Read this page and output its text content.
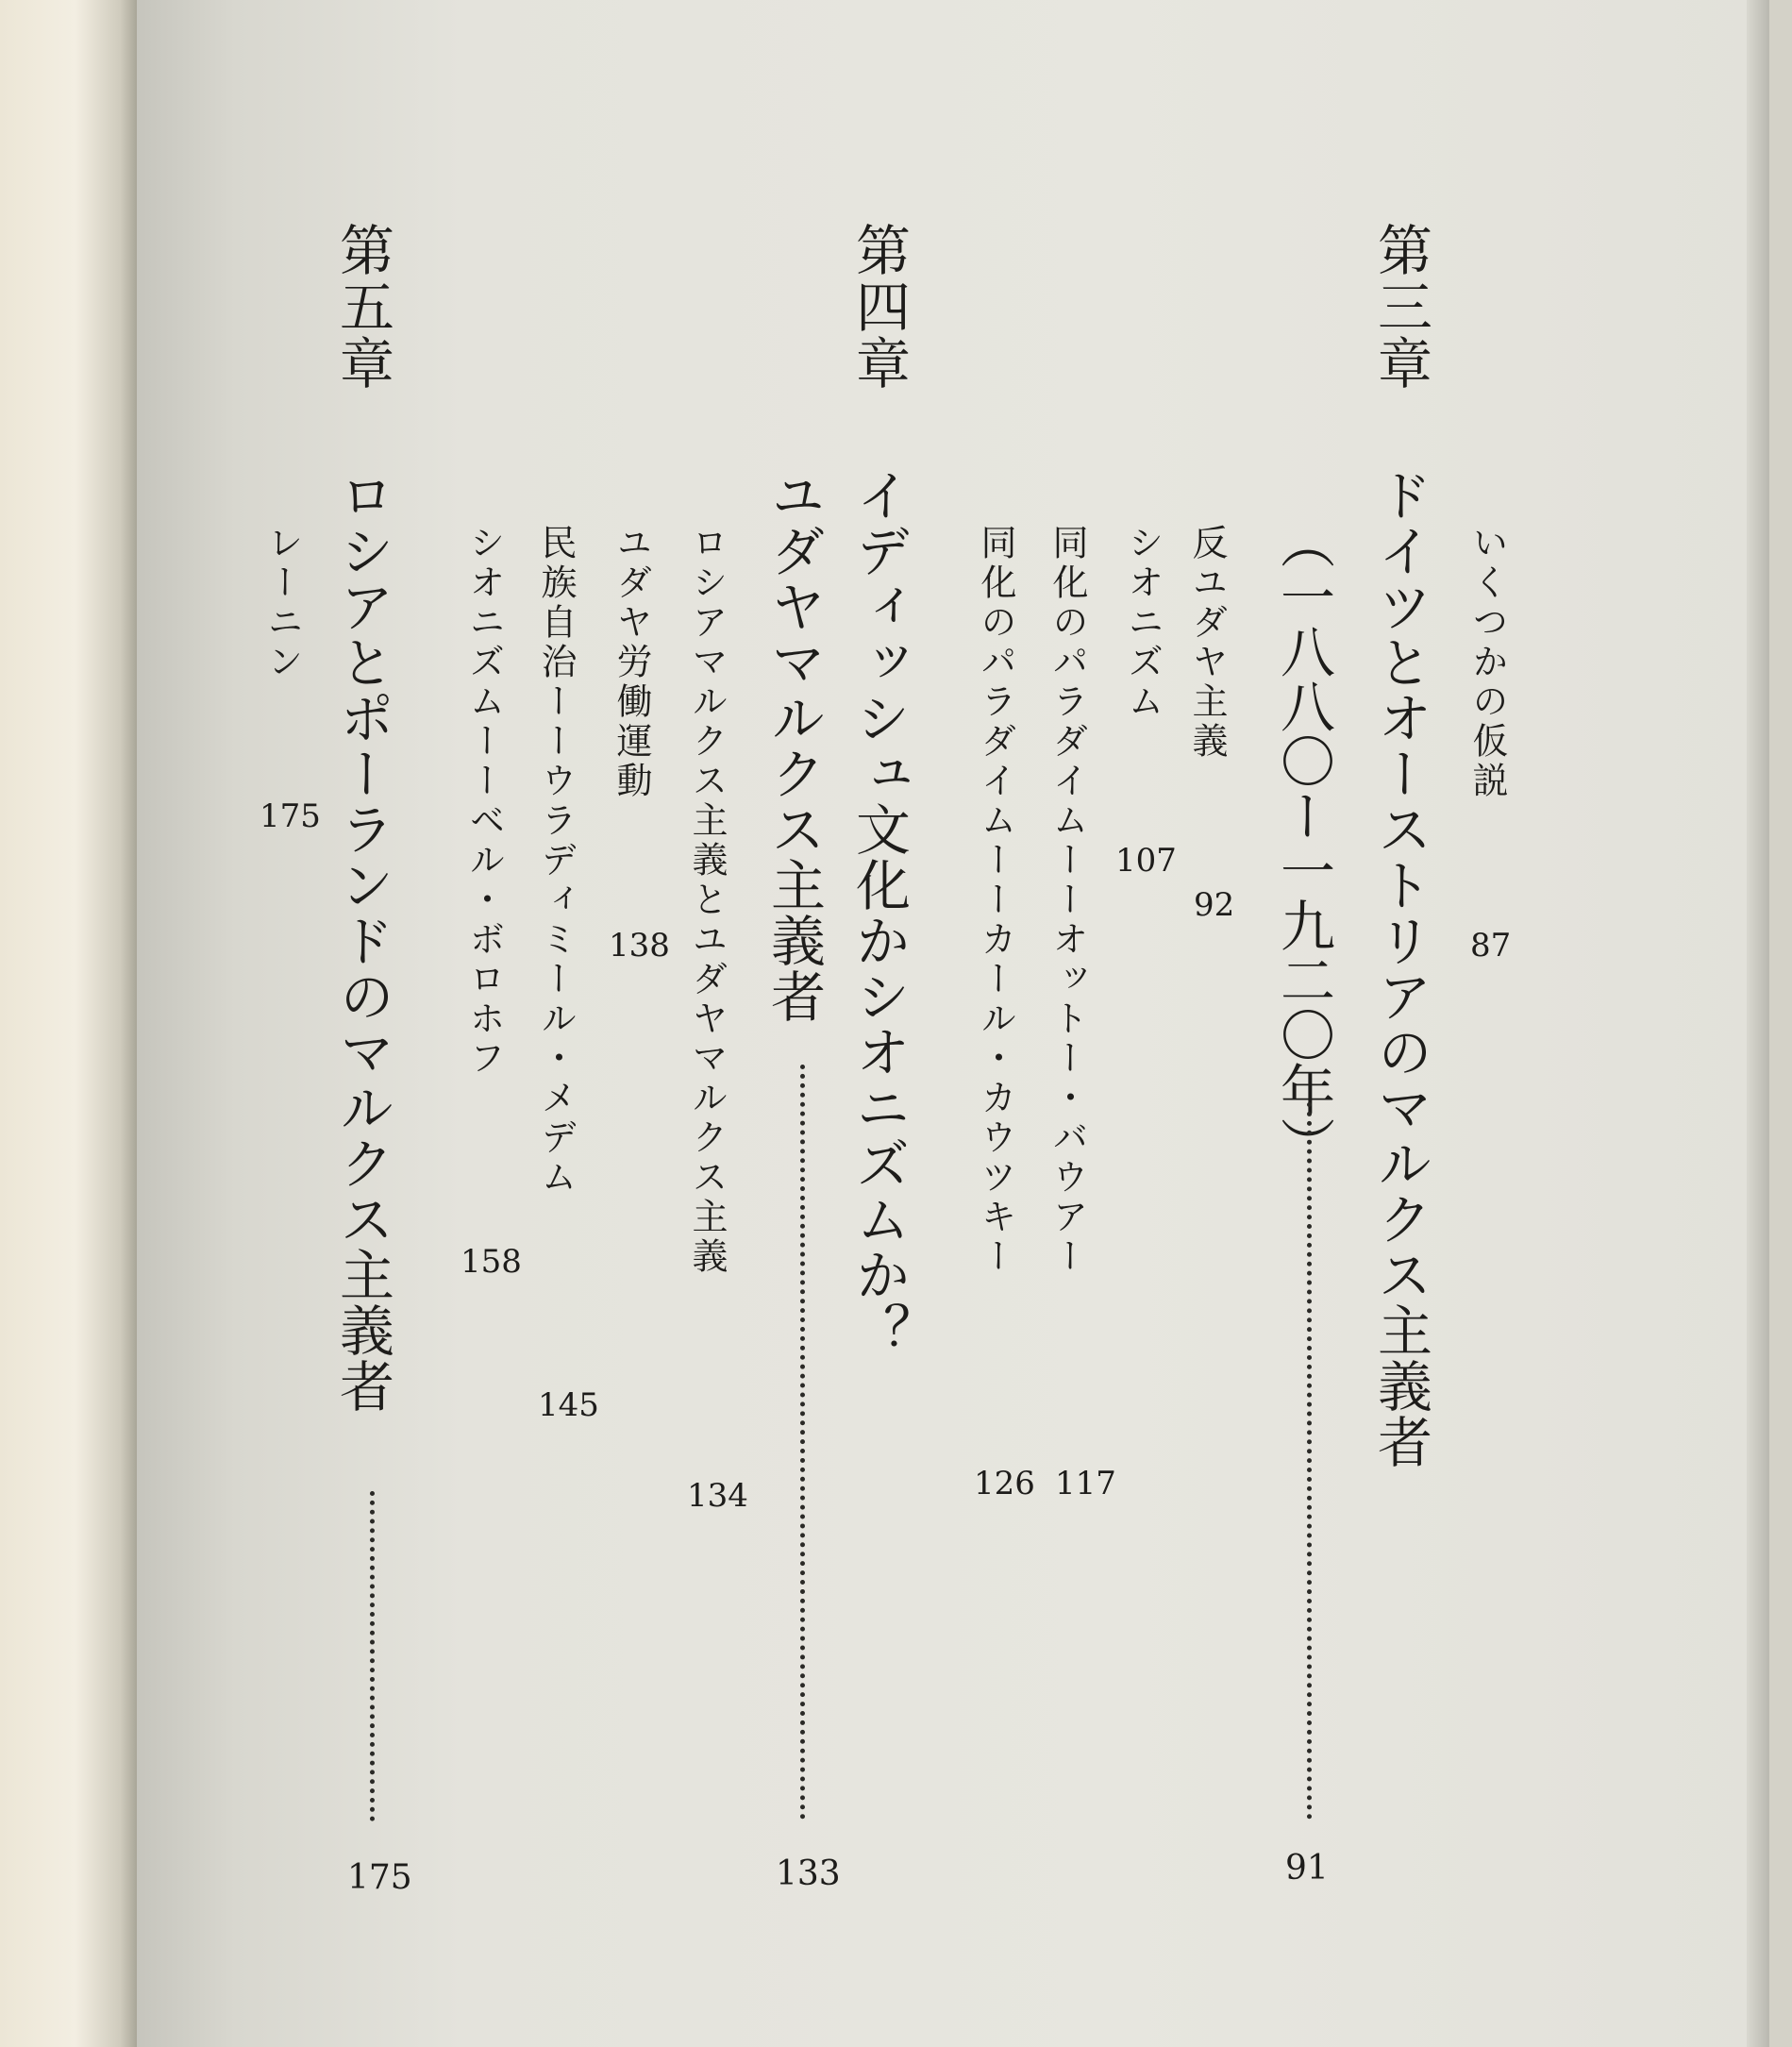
いくつかの仮説
87
第三章
ドイツとオーストリアのマルクス主義者
（一八八〇ー一九二〇年）
91
反ユダヤ主義
92
シオニズム
107
同化のパラダイムーーオットー・バウアー
117
同化のパラダイムーーカール・カウツキー
126
第四章
イディッシュ文化かシオニズムか？
ユダヤマルクス主義者
133
ロシアマルクス主義とユダヤマルクス主義
134
ユダヤ労働運動
138
民族自治ーーウラディミール・メデム
145
シオニズムーーベル・ボロホフ
158
第五章
ロシアとポーランドのマルクス主義者
175
レーニン
175
